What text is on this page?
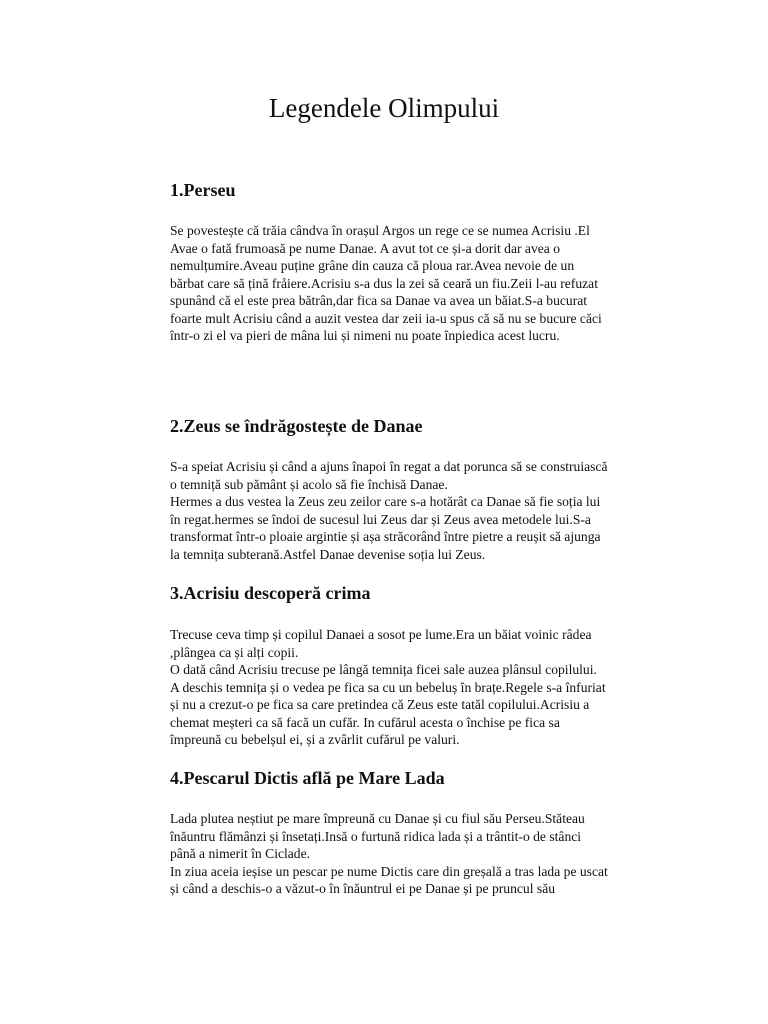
Legendele Olimpului
1.Perseu
Se povestește că trăia cândva în orașul Argos un rege ce se numea Acrisiu .El
Avae o fată frumoasă pe nume Danae. A avut tot ce și-a dorit dar avea o
nemulțumire.Aveau puține grâne din cauza că ploua rar.Avea nevoie de un
bărbat care să țină fråiere.Acrisiu s-a dus la zei să ceară un fiu.Zeii l-au refuzat
spunând că el este prea bătrân,dar fica sa Danae va avea un băiat.S-a bucurat
foarte mult Acrisiu când a auzit vestea dar zeii ia-u spus că să nu se bucure căci
într-o zi el va pieri de mâna lui și nimeni nu poate înpiedica acest lucru.
2.Zeus se îndrăgostește de Danae
S-a speiat Acrisiu și când a ajuns înapoi în regat a dat porunca să se construiască
o temniță sub pământ și acolo să fie închisă Danae.
Hermes a dus vestea la Zeus zeu zeilor care s-a hotărât ca Danae să fie soția lui
în regat.hermes se îndoi de sucesul lui Zeus dar și Zeus avea metodele lui.S-a
transformat într-o ploaie argintie și așa străcorând între pietre a reușit să ajunga
la temnița subterană.Astfel Danae devenise soția lui Zeus.
3.Acrisiu descoperă crima
Trecuse ceva timp și copilul Danaei a sosot pe lume.Era un băiat voinic râdea
,plângea ca și alți copii.
O dată când Acrisiu trecuse pe lângă temnița ficei sale auzea plânsul copilului.
A deschis temnița și o vedea pe fica sa cu un bebeluș în brațe.Regele s-a înfuriat
și nu a crezut-o pe fica sa care pretindea că Zeus este tatăl copilului.Acrisiu a
chemat meșteri ca să facă un cufăr. In cufărul acesta o închise pe fica sa
împreună cu bebelșul ei, și a zvârlit cufărul pe valuri.
4.Pescarul Dictis află pe Mare Lada
Lada plutea neștiut pe mare împreună cu Danae și cu fiul său Perseu.Stăteau
înăuntru flămânzi și însetați.Insă o furtună ridica lada și a trântit-o de stânci
până a nimerit în Ciclade.
In ziua aceia ieșise un pescar pe nume Dictis care din greșală a tras lada pe uscat
și când a deschis-o a văzut-o în înăuntrul ei pe Danae și pe pruncul său
